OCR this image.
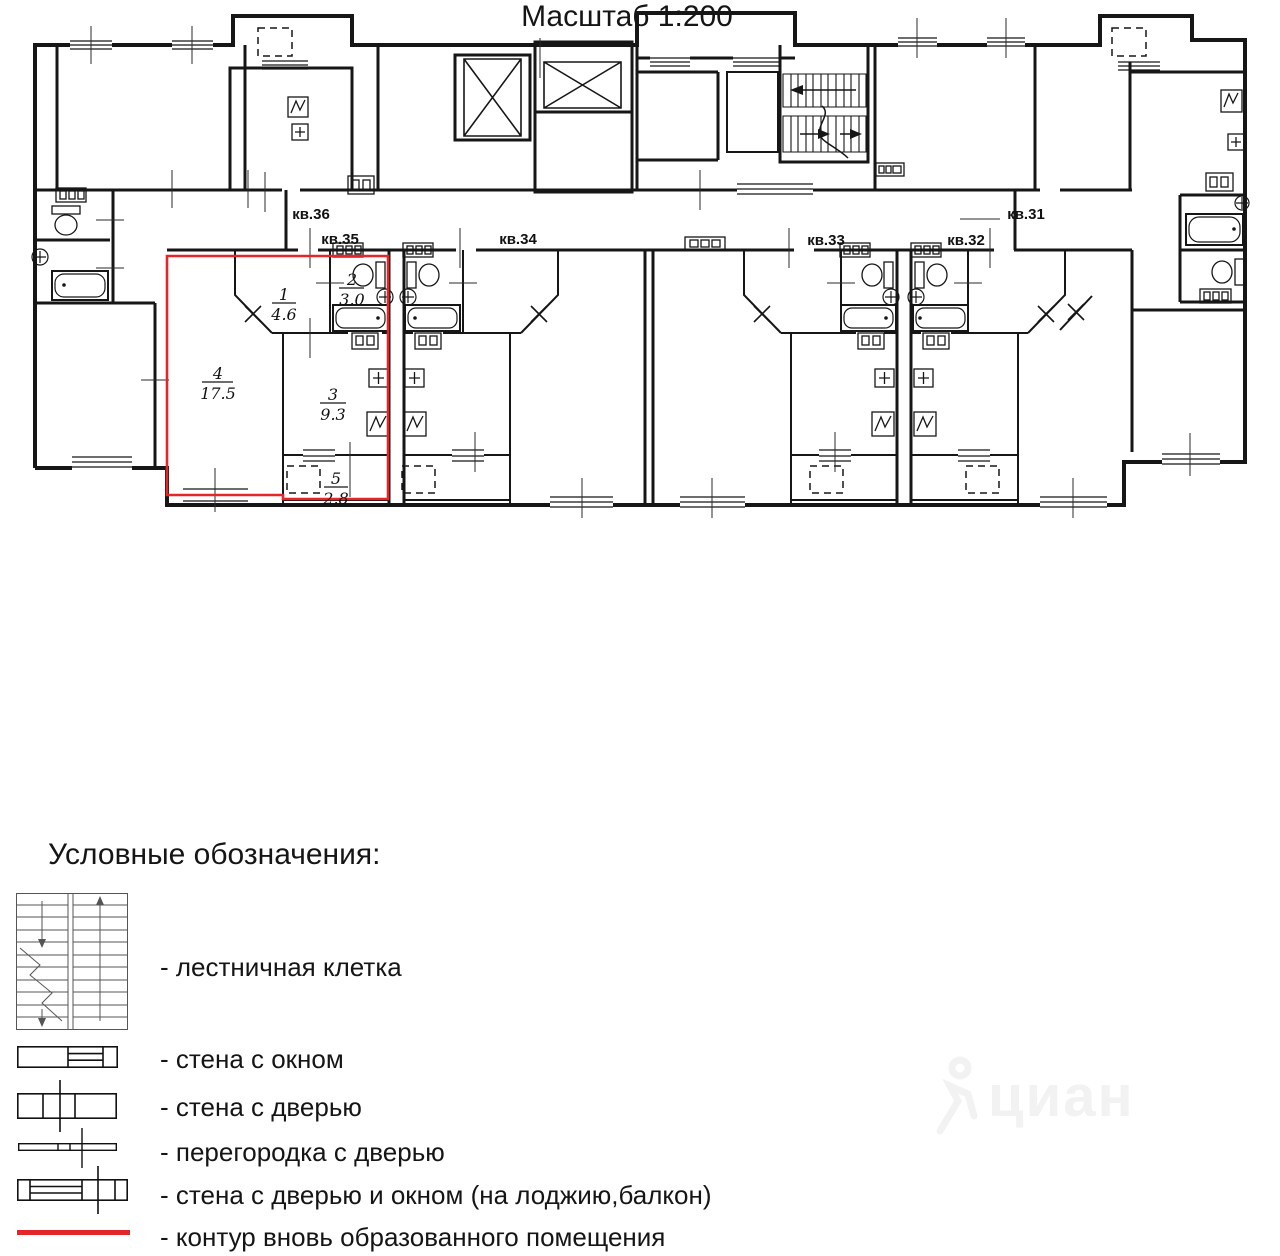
кв.36
кв.35	кв.34	кв.33	кв.32
кв.31
1
4.6
2
3.0
3
9.3
4
17.5
5
2.8
Масштаб 1:200
Условные обозначения:
- лестничная клетка
- стена с окном
- стена с дверью
- перегородка с дверью
- стена с дверью и окном (на лоджию,балкон)
- контур вновь образованного помещения
циан
